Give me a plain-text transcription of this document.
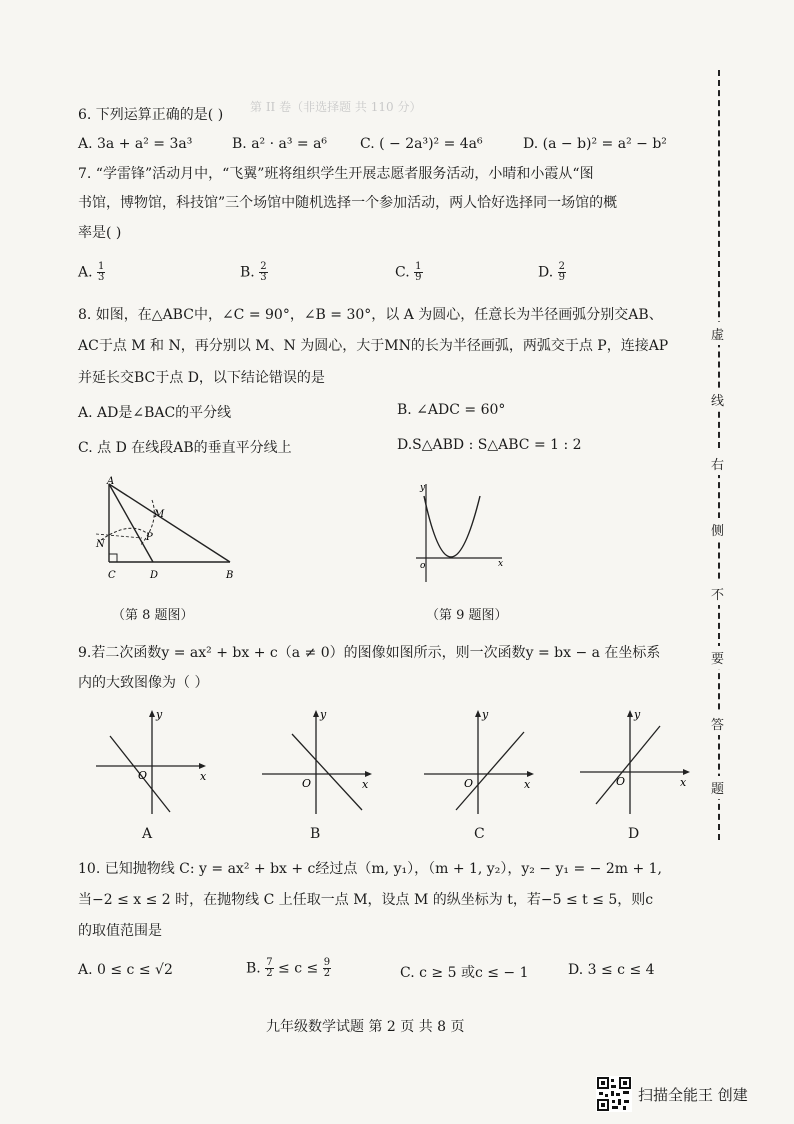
第 II 卷（非选择题 共 110 分）
6. 下列运算正确的是( )
A. 3a + a² = 3a³	B. a² · a³ = a⁶ C. ( − 2a³)² = 4a⁶	D. (a − b)² = a² − b²
7. “学雷锋”活动月中，“飞翼”班将组织学生开展志愿者服务活动，小晴和小霞从“图
书馆，博物馆，科技馆”三个场馆中随机选择一个参加活动，两人恰好选择同一场馆的概
率是( )
A. $\frac{1}{3}$	B. $\frac{2}{3}$	C. $\frac{1}{9}$	D. $\frac{2}{9}$
8. 如图，在△ABC中，∠C = 90°，∠B = 30°，以 A 为圆心，任意长为半径画弧分别交AB、
AC于点 M 和 N，再分别以 M、N 为圆心，大于MN的长为半径画弧，两弧交于点 P，连接AP
并延长交BC于点 D，以下结论错误的是
A. AD是∠BAC的平分线	B. ∠ADC = 60°
C. 点 D 在线段AB的垂直平分线上	D.S△ABD : S△ABC = 1 : 2
A
M
N
P
C	D	B
（第 8 题图）
y
o	x
（第 9 题图）
9.若二次函数y = ax² + bx + c（a ≠ 0）的图像如图所示，则一次函数y = bx − a 在坐标系
内的大致图像为（ ）
y
O	x
A
y
O	x
B
y
O	x
C
y
O	x
D
10. 已知抛物线 C: y = ax² + bx + c经过点（m, y₁），（m + 1, y₂），y₂ − y₁ = − 2m + 1,
当−2 ≤ x ≤ 2 时，在抛物线 C 上任取一点 M，设点 M 的纵坐标为 t，若−5 ≤ t ≤ 5，则c
的取值范围是
A. 0 ≤ c ≤ √2	B. $\frac{7}{2} \le c \le \frac{9}{2}$	C. c ≥ 5 或c ≤ − 1	D. 3 ≤ c ≤ 4
虚
线
右
侧
不
要
答
题
九年级数学试题 第 2 页 共 8 页
扫描全能王 创建
